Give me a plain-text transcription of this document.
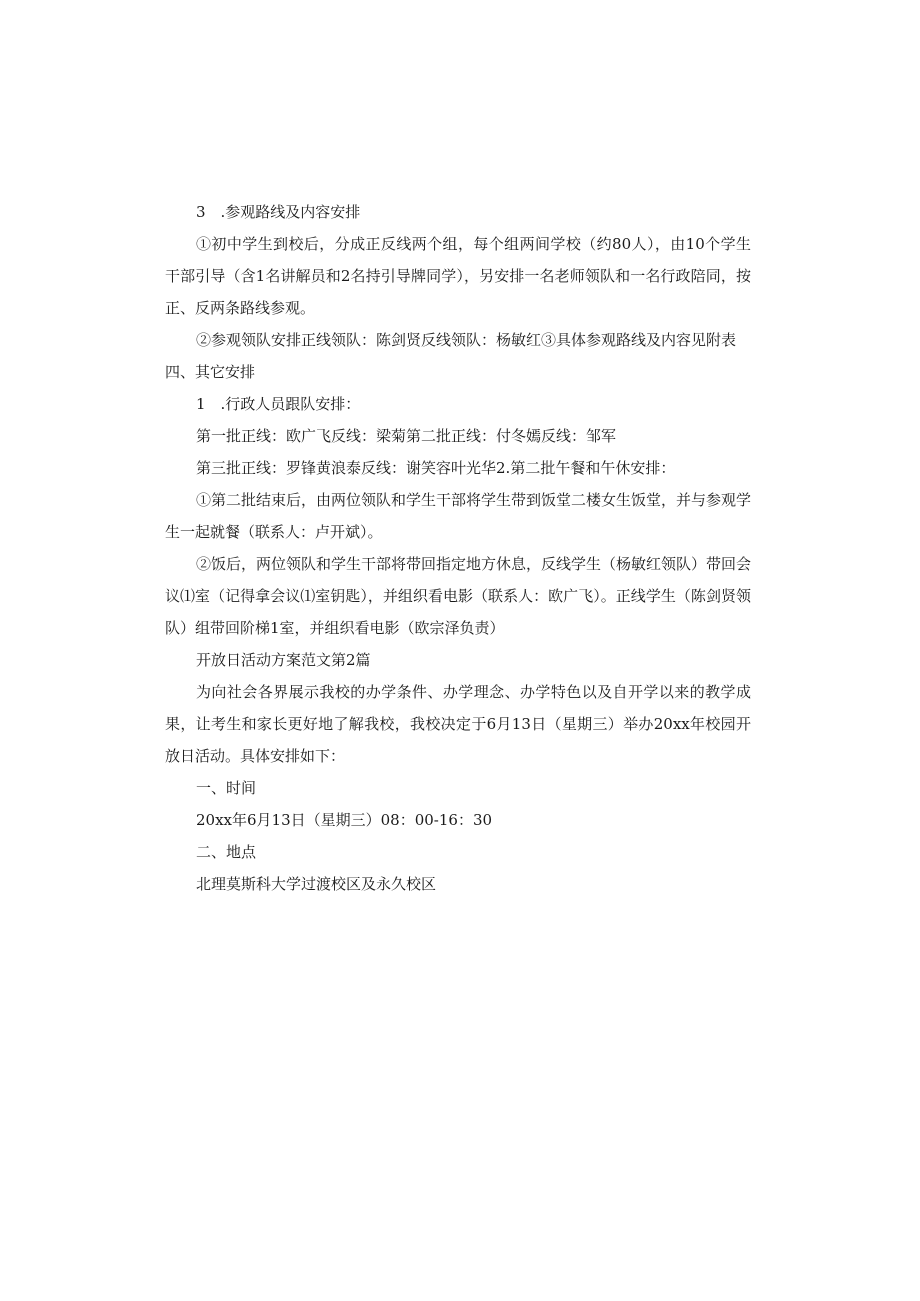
3　.参观路线及内容安排

①初中学生到校后，分成正反线两个组，每个组两间学校（约80人），由10个学生干部引导（含1名讲解员和2名持引导牌同学），另安排一名老师领队和一名行政陪同，按正、反两条路线参观。

②参观领队安排正线领队：陈剑贤反线领队：杨敏红③具体参观路线及内容见附表

四、其它安排

1　.行政人员跟队安排：

第一批正线：欧广飞反线：梁菊第二批正线：付冬嫣反线：邹军

第三批正线：罗锋黄浪泰反线：谢笑容叶光华2.第二批午餐和午休安排：

①第二批结束后，由两位领队和学生干部将学生带到饭堂二楼女生饭堂，并与参观学生一起就餐（联系人：卢开斌）。

②饭后，两位领队和学生干部将带回指定地方休息，反线学生（杨敏红领队）带回会议⑴室（记得拿会议⑴室钥匙），并组织看电影（联系人：欧广飞）。正线学生（陈剑贤领队）组带回阶梯1室，并组织看电影（欧宗泽负责）

开放日活动方案范文第2篇

为向社会各界展示我校的办学条件、办学理念、办学特色以及自开学以来的教学成果，让考生和家长更好地了解我校，我校决定于6月13日（星期三）举办20xx年校园开放日活动。具体安排如下：

一、时间

20xx年6月13日（星期三）08：00-16：30

二、地点

北理莫斯科大学过渡校区及永久校区
